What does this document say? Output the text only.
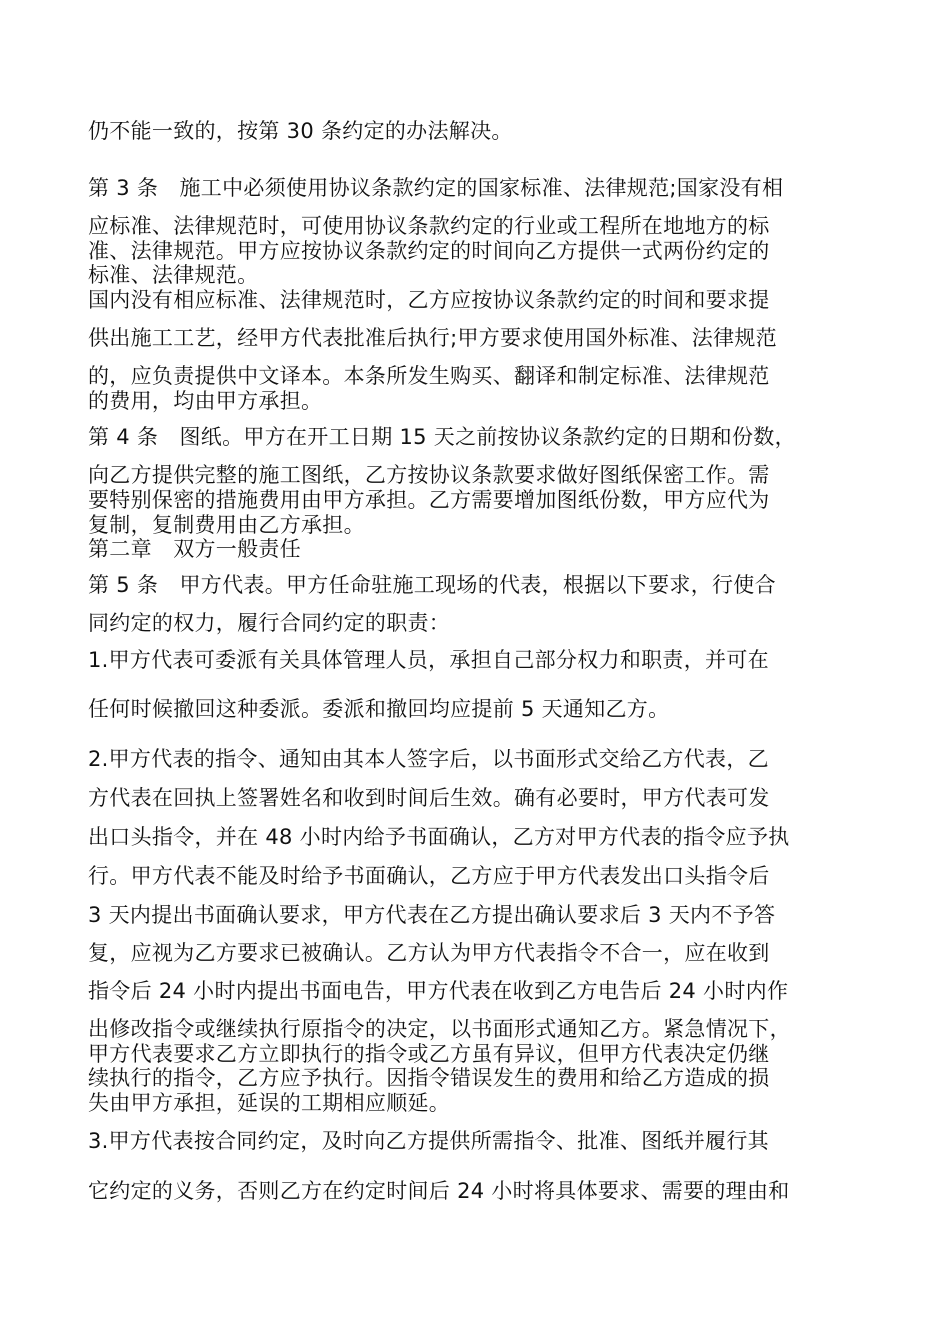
仍不能一致的，按第 30 条约定的办法解决。
第 3 条　施工中必须使用协议条款约定的国家标准、法律规范;国家没有相
应标准、法律规范时，可使用协议条款约定的行业或工程所在地地方的标
准、法律规范。甲方应按协议条款约定的时间向乙方提供一式两份约定的
标准、法律规范。
国内没有相应标准、法律规范时，乙方应按协议条款约定的时间和要求提
供出施工工艺，经甲方代表批准后执行;甲方要求使用国外标准、法律规范
的，应负责提供中文译本。本条所发生购买、翻译和制定标准、法律规范
的费用，均由甲方承担。
第 4 条　图纸。甲方在开工日期 15 天之前按协议条款约定的日期和份数，
向乙方提供完整的施工图纸，乙方按协议条款要求做好图纸保密工作。需
要特别保密的措施费用由甲方承担。乙方需要增加图纸份数，甲方应代为
复制，复制费用由乙方承担。
第二章　双方一般责任
第 5 条　甲方代表。甲方任命驻施工现场的代表，根据以下要求，行使合
同约定的权力，履行合同约定的职责：
1.甲方代表可委派有关具体管理人员，承担自己部分权力和职责，并可在
任何时候撤回这种委派。委派和撤回均应提前 5 天通知乙方。
2.甲方代表的指令、通知由其本人签字后，以书面形式交给乙方代表，乙
方代表在回执上签署姓名和收到时间后生效。确有必要时，甲方代表可发
出口头指令，并在 48 小时内给予书面确认，乙方对甲方代表的指令应予执
行。甲方代表不能及时给予书面确认，乙方应于甲方代表发出口头指令后
3 天内提出书面确认要求，甲方代表在乙方提出确认要求后 3 天内不予答
复，应视为乙方要求已被确认。乙方认为甲方代表指令不合一，应在收到
指令后 24 小时内提出书面电告，甲方代表在收到乙方电告后 24 小时内作
出修改指令或继续执行原指令的决定，以书面形式通知乙方。紧急情况下，
甲方代表要求乙方立即执行的指令或乙方虽有异议，但甲方代表决定仍继
续执行的指令，乙方应予执行。因指令错误发生的费用和给乙方造成的损
失由甲方承担，延误的工期相应顺延。
3.甲方代表按合同约定，及时向乙方提供所需指令、批准、图纸并履行其
它约定的义务，否则乙方在约定时间后 24 小时将具体要求、需要的理由和
